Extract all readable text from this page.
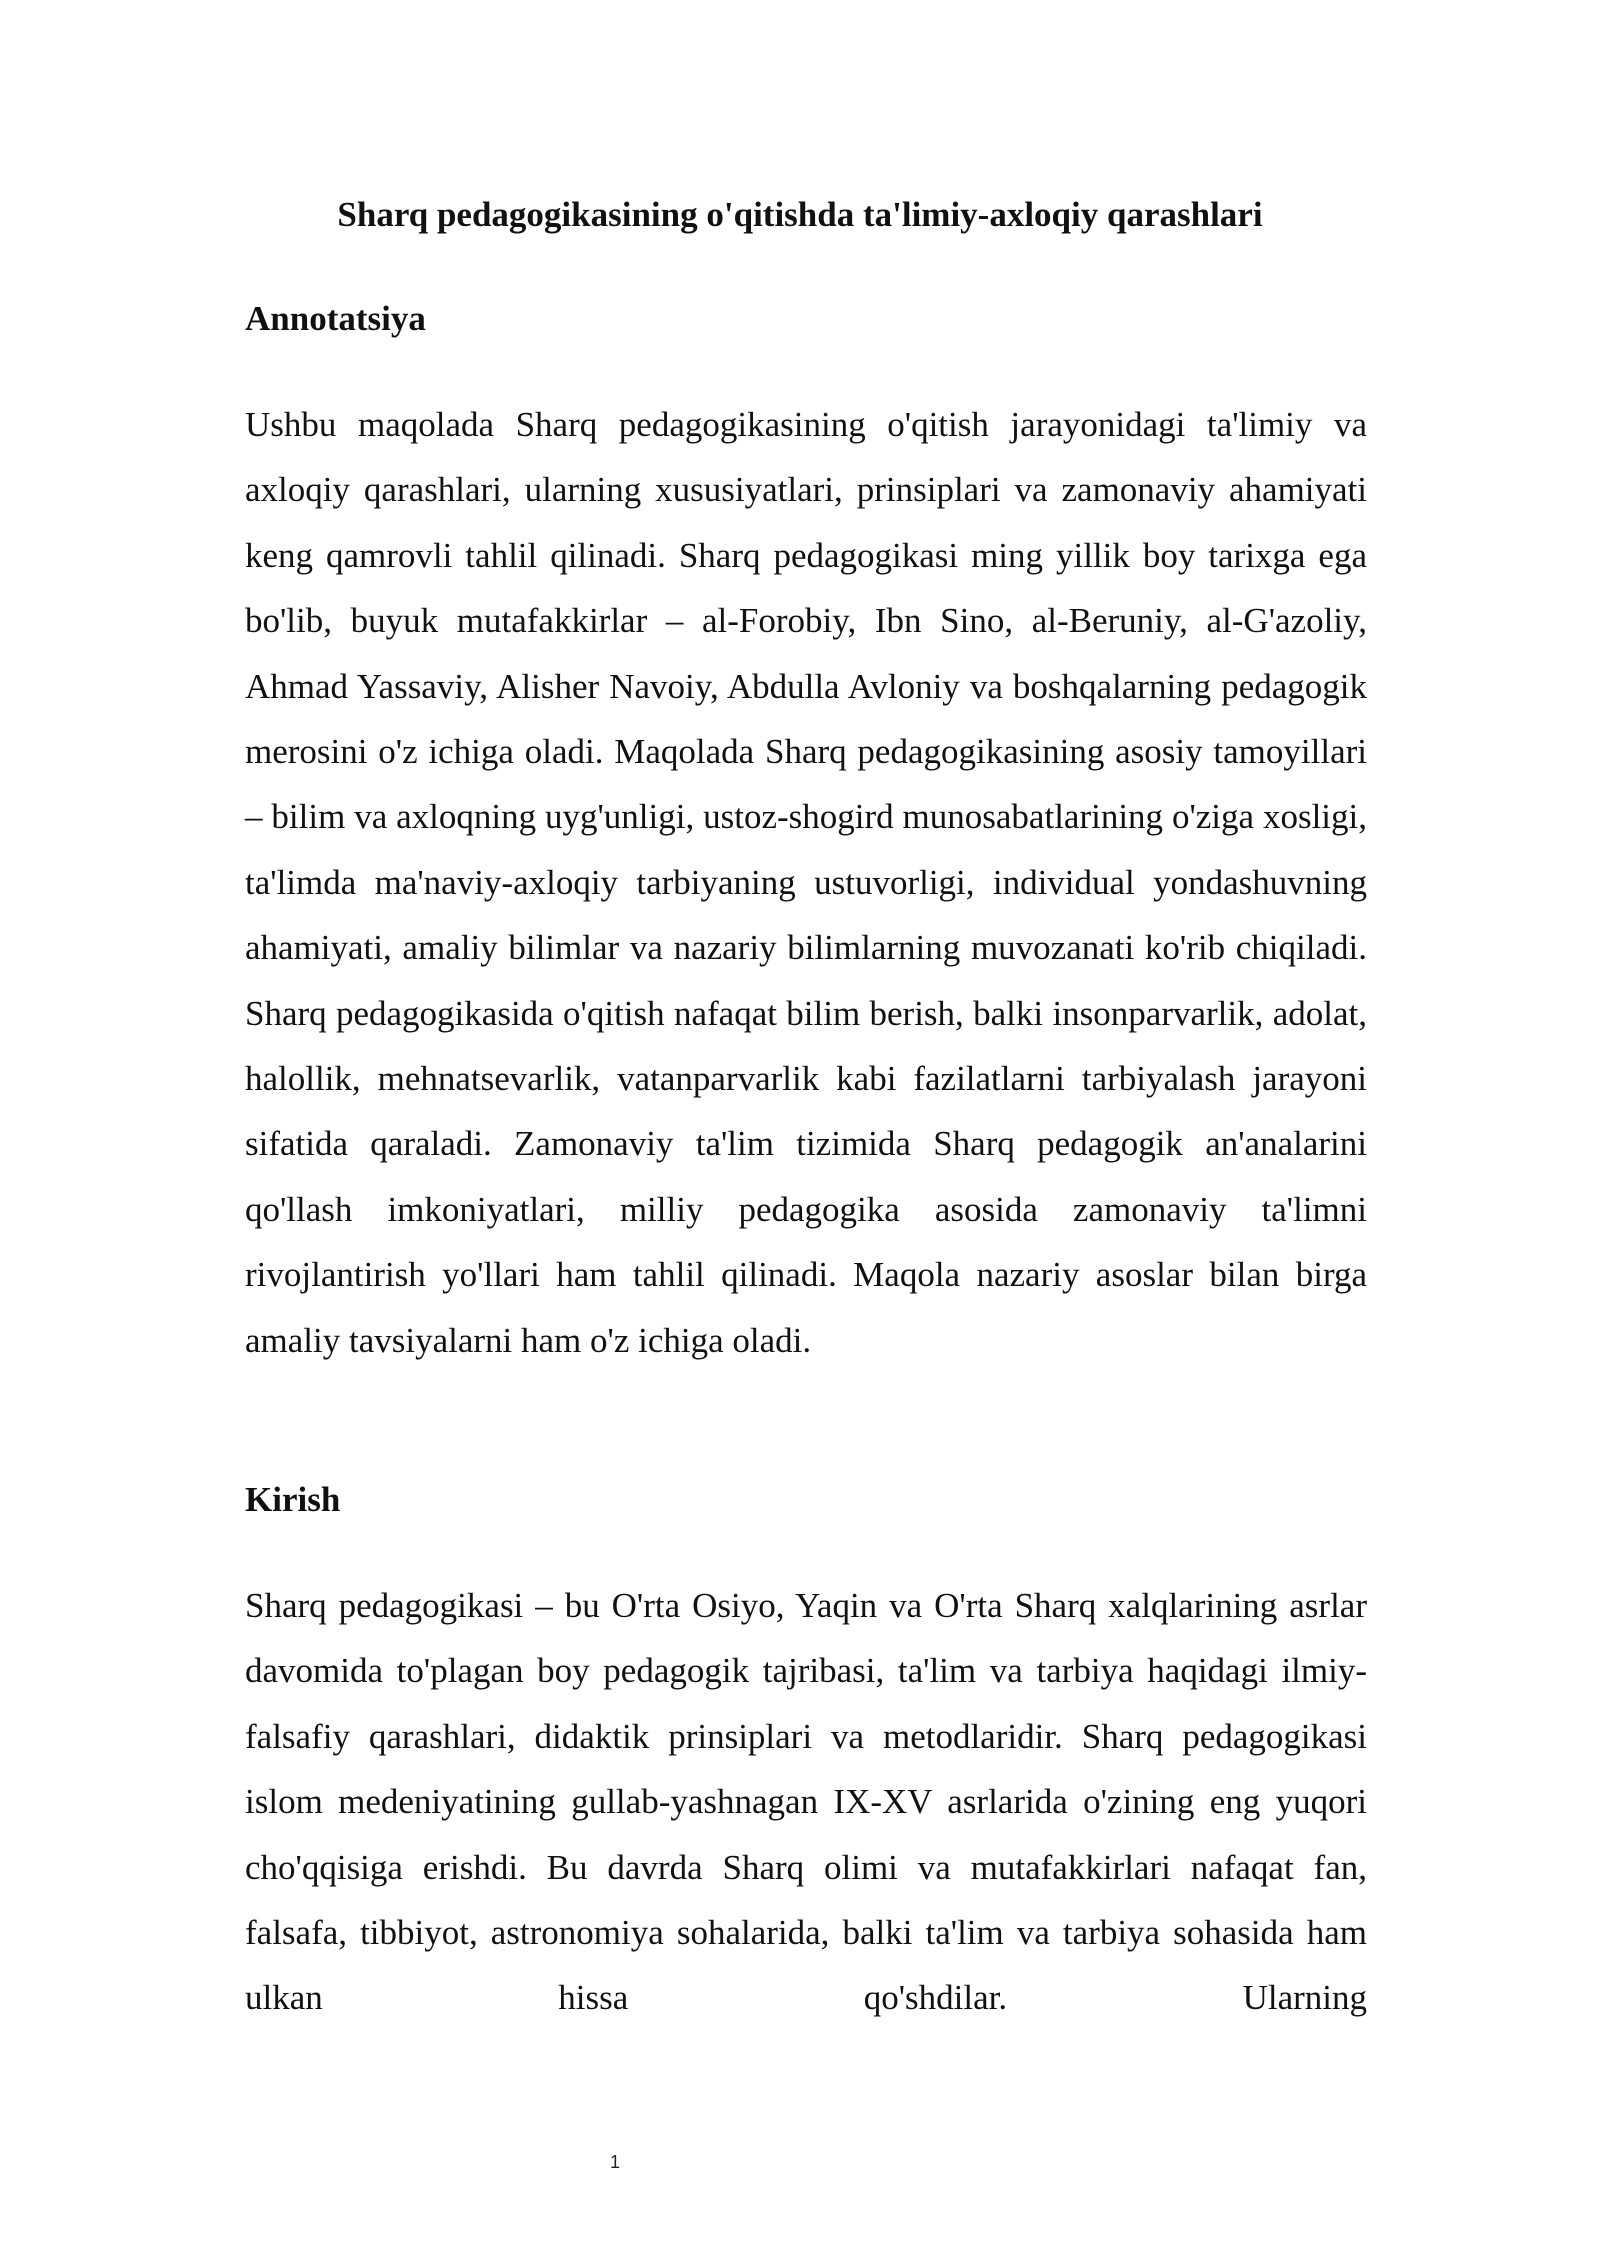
Sharq pedagogikasining o'qitishda ta'limiy-axloqiy qarashlari
Annotatsiya

Ushbu maqolada Sharq pedagogikasining o'qitish jarayonidagi ta'limiy va axloqiy qarashlari, ularning xususiyatlari, prinsiplari va zamonaviy ahamiyati keng qamrovli tahlil qilinadi. Sharq pedagogikasi ming yillik boy tarixga ega bo'lib, buyuk mutafakkirlar – al-Forobiy, Ibn Sino, al-Beruniy, al-G'azoliy, Ahmad Yassaviy, Alisher Navoiy, Abdulla Avloniy va boshqalarning pedagogik merosini o'z ichiga oladi. Maqolada Sharq pedagogikasining asosiy tamoyillari – bilim va axloqning uyg'unligi, ustoz-shogird munosabatlarining o'ziga xosligi, ta'limda ma'naviy-axloqiy tarbiyaning ustuvorligi, individual yondashuvning ahamiyati, amaliy bilimlar va nazariy bilimlarning muvozanati ko'rib chiqiladi. Sharq pedagogikasida o'qitish nafaqat bilim berish, balki insonparvarlik, adolat, halollik, mehnatsevarlik, vatanparvarlik kabi fazilatlarni tarbiyalash jarayoni sifatida qaraladi. Zamonaviy ta'lim tizimida Sharq pedagogik an'analarini qo'llash imkoniyatlari, milliy pedagogika asosida zamonaviy ta'limni rivojlantirish yo'llari ham tahlil qilinadi. Maqola nazariy asoslar bilan birga amaliy tavsiyalarni ham o'z ichiga oladi.

Kirish

Sharq pedagogikasi – bu O'rta Osiyo, Yaqin va O'rta Sharq xalqlarining asrlar davomida to'plagan boy pedagogik tajribasi, ta'lim va tarbiya haqidagi ilmiy-falsafiy qarashlari, didaktik prinsiplari va metodlaridir. Sharq pedagogikasi islom medeniyatining gullab-yashnagan IX-XV asrlarida o'zining eng yuqori cho'qqisiga erishdi. Bu davrda Sharq olimi va mutafakkirlari nafaqat fan, falsafa, tibbiyot, astronomiya sohalarida, balki ta'lim va tarbiya sohasida ham ulkan hissa qo'shdilar. Ularning

1
